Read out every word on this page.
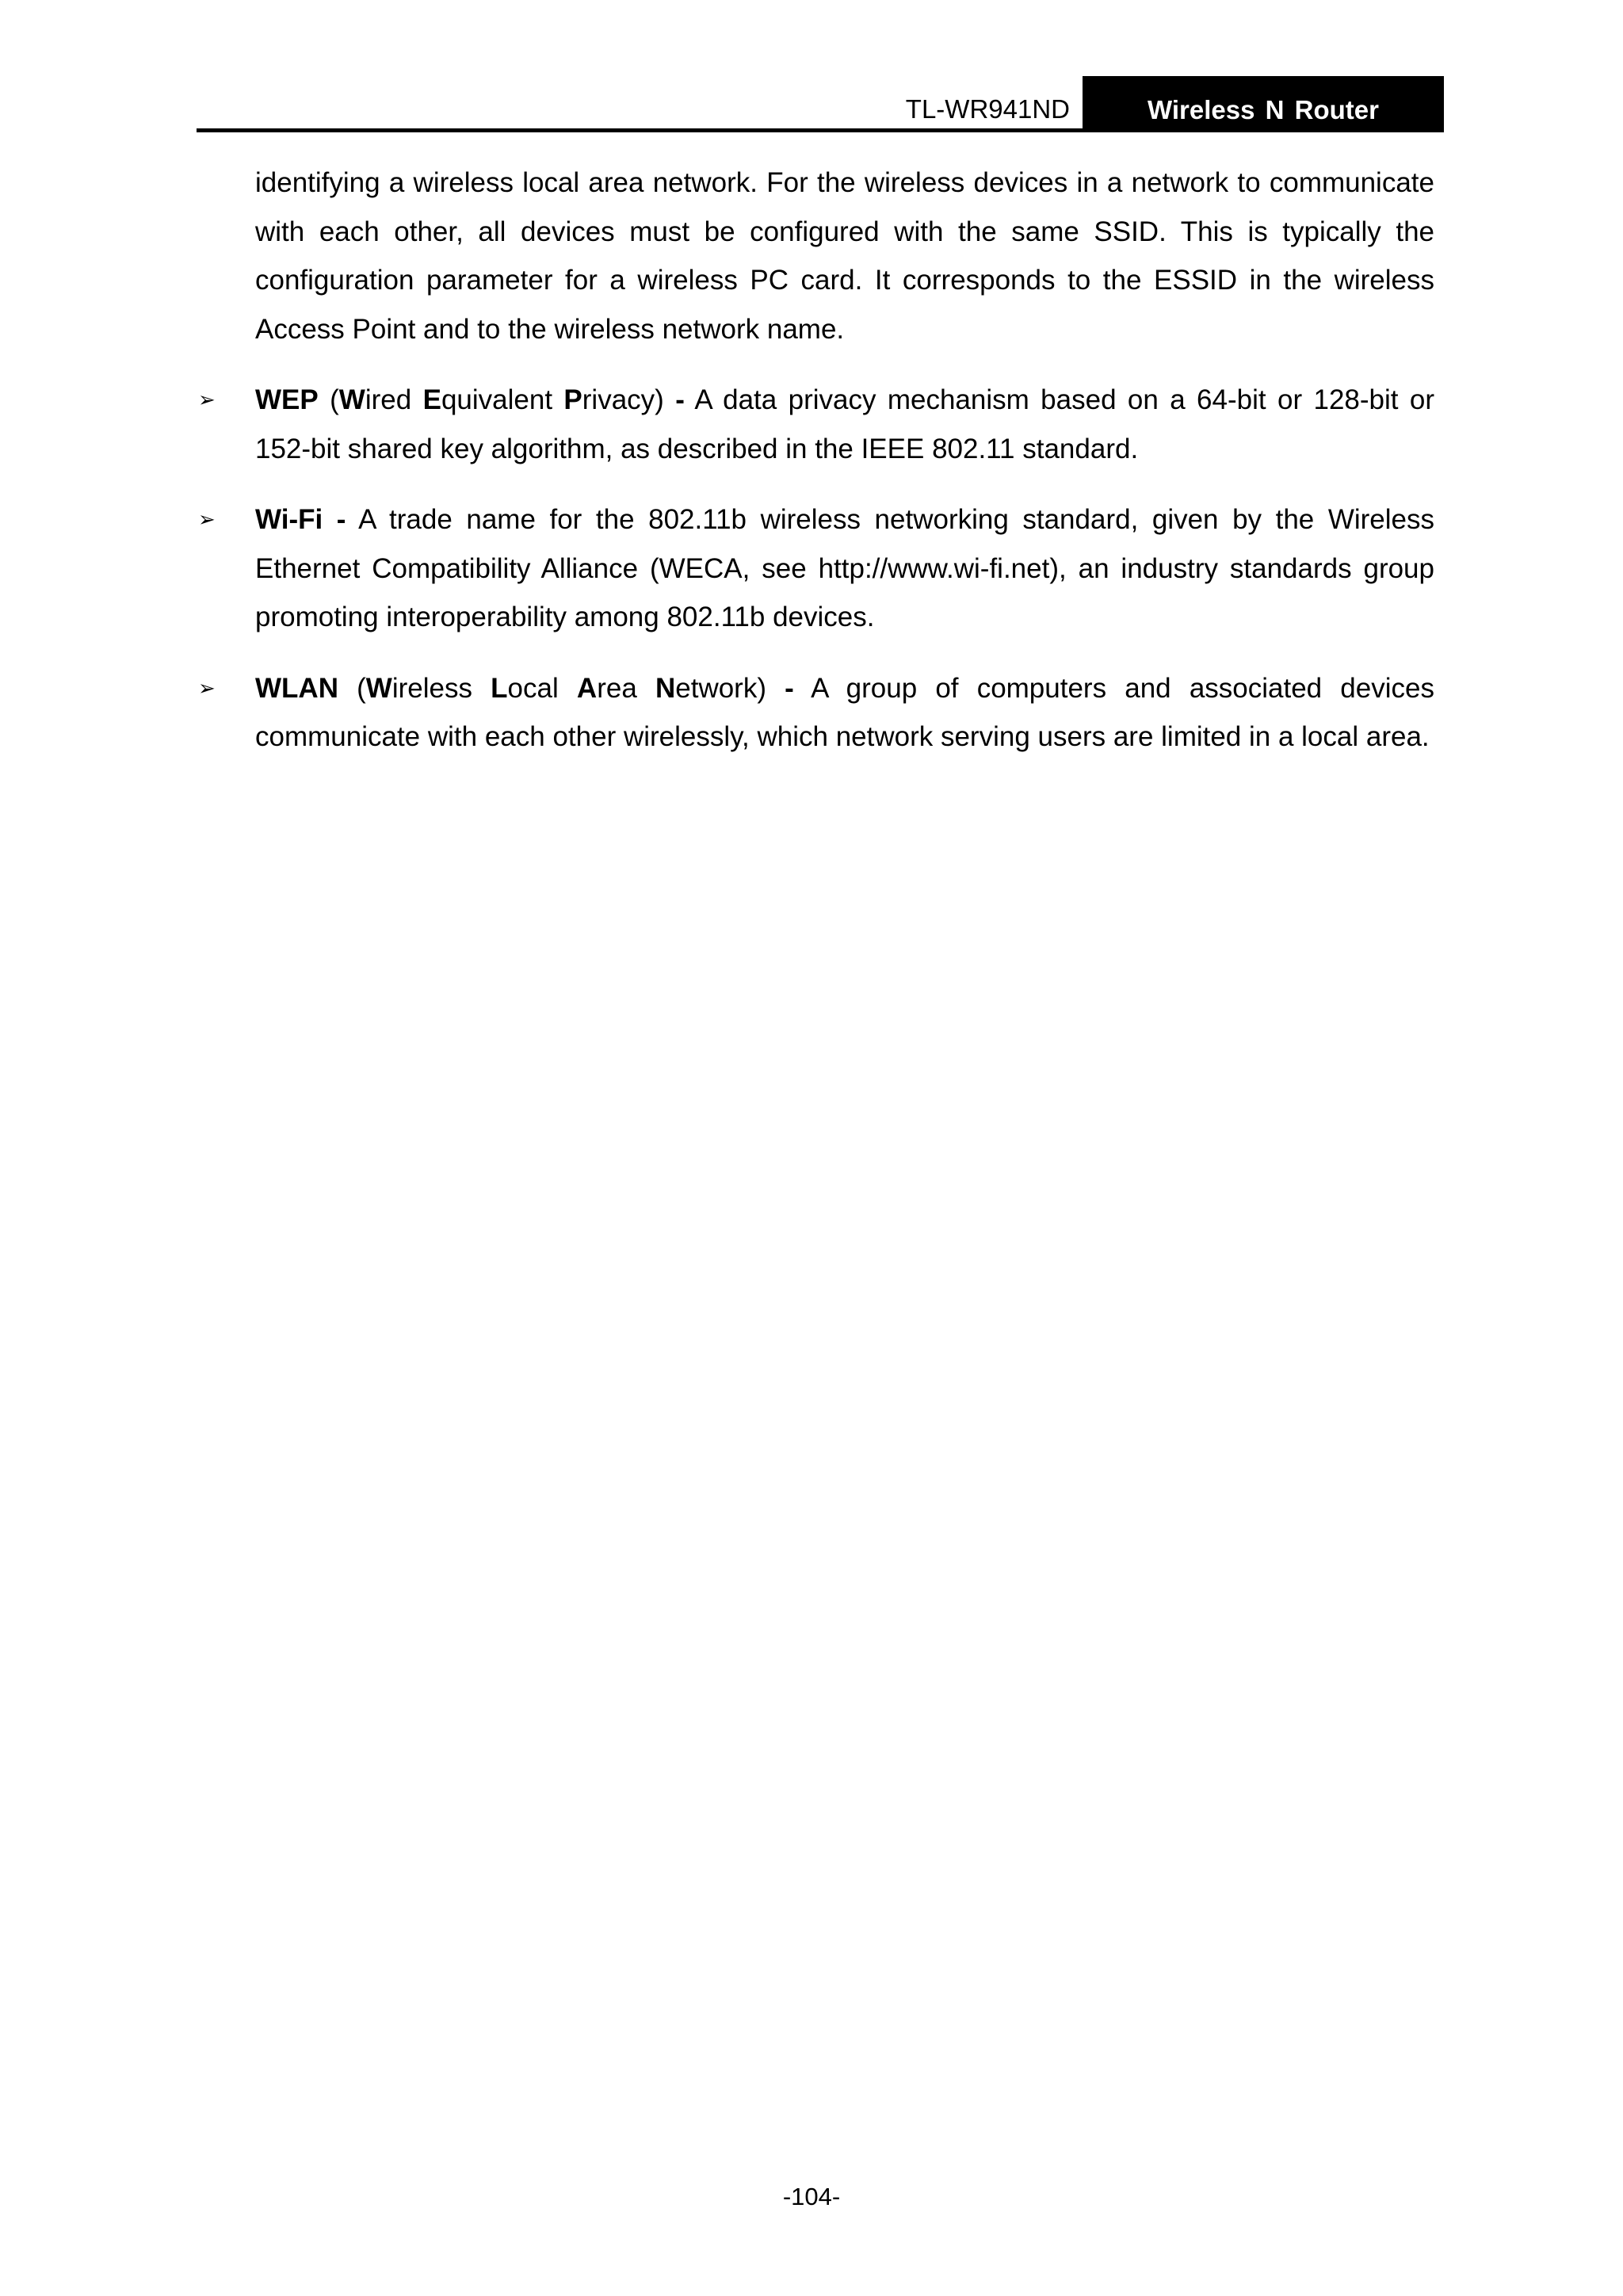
TL-WR941ND	Wireless N Router

identifying a wireless local area network. For the wireless devices in a network to communicate with each other, all devices must be configured with the same SSID. This is typically the configuration parameter for a wireless PC card. It corresponds to the ESSID in the wireless Access Point and to the wireless network name.

➢ WEP (Wired Equivalent Privacy) - A data privacy mechanism based on a 64-bit or 128-bit or 152-bit shared key algorithm, as described in the IEEE 802.11 standard.
➢ Wi-Fi - A trade name for the 802.11b wireless networking standard, given by the Wireless Ethernet Compatibility Alliance (WECA, see http://www.wi-fi.net), an industry standards group promoting interoperability among 802.11b devices.
➢ WLAN (Wireless Local Area Network) - A group of computers and associated devices communicate with each other wirelessly, which network serving users are limited in a local area.
-104-
